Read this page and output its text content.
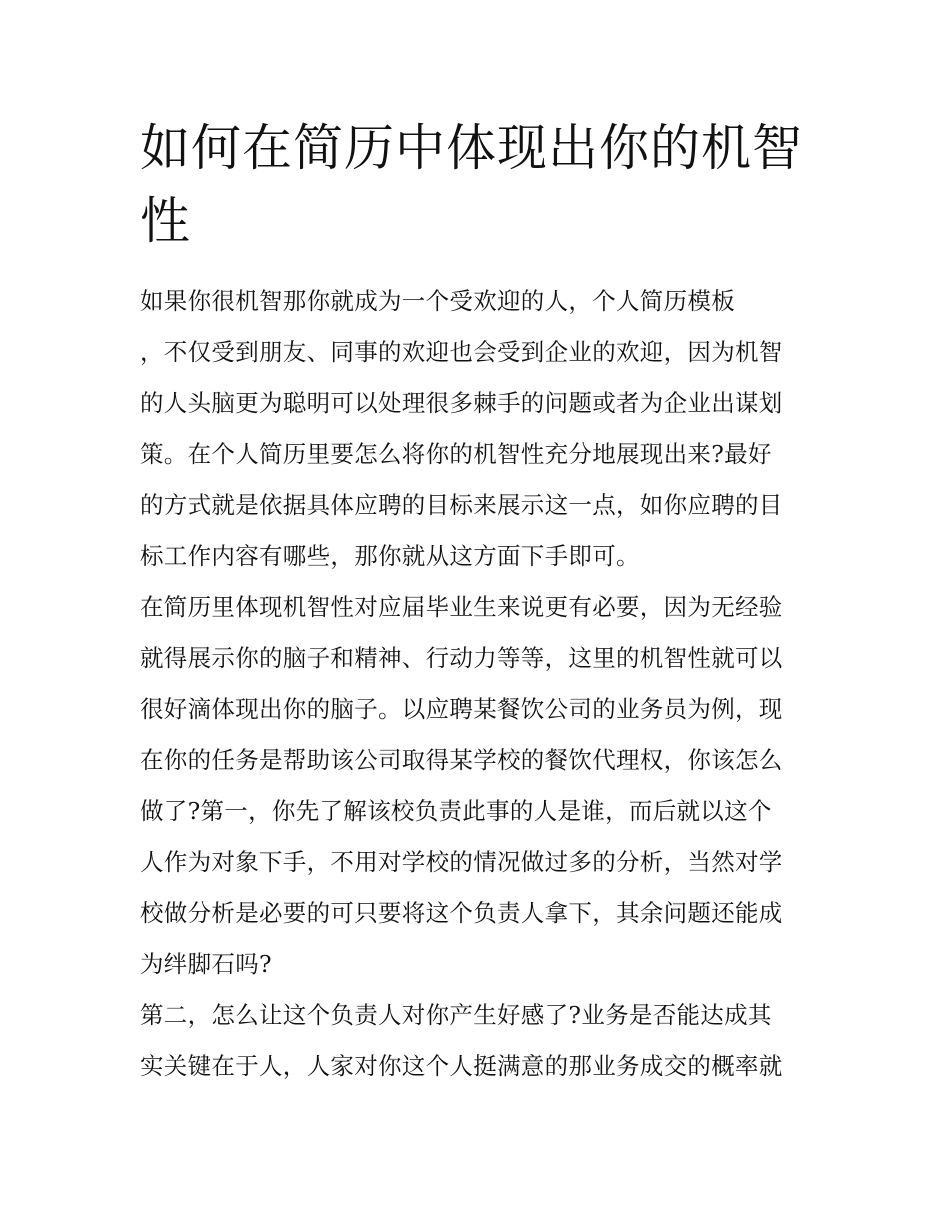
如何在简历中体现出你的机智
性
如果你很机智那你就成为一个受欢迎的人，个人简历模板
，不仅受到朋友、同事的欢迎也会受到企业的欢迎，因为机智
的人头脑更为聪明可以处理很多棘手的问题或者为企业出谋划
策。在个人简历里要怎么将你的机智性充分地展现出来?最好
的方式就是依据具体应聘的目标来展示这一点，如你应聘的目
标工作内容有哪些，那你就从这方面下手即可。
在简历里体现机智性对应届毕业生来说更有必要，因为无经验
就得展示你的脑子和精神、行动力等等，这里的机智性就可以
很好滴体现出你的脑子。以应聘某餐饮公司的业务员为例，现
在你的任务是帮助该公司取得某学校的餐饮代理权，你该怎么
做了?第一，你先了解该校负责此事的人是谁，而后就以这个
人作为对象下手，不用对学校的情况做过多的分析，当然对学
校做分析是必要的可只要将这个负责人拿下，其余问题还能成
为绊脚石吗?
第二，怎么让这个负责人对你产生好感了?业务是否能达成其
实关键在于人，人家对你这个人挺满意的那业务成交的概率就
